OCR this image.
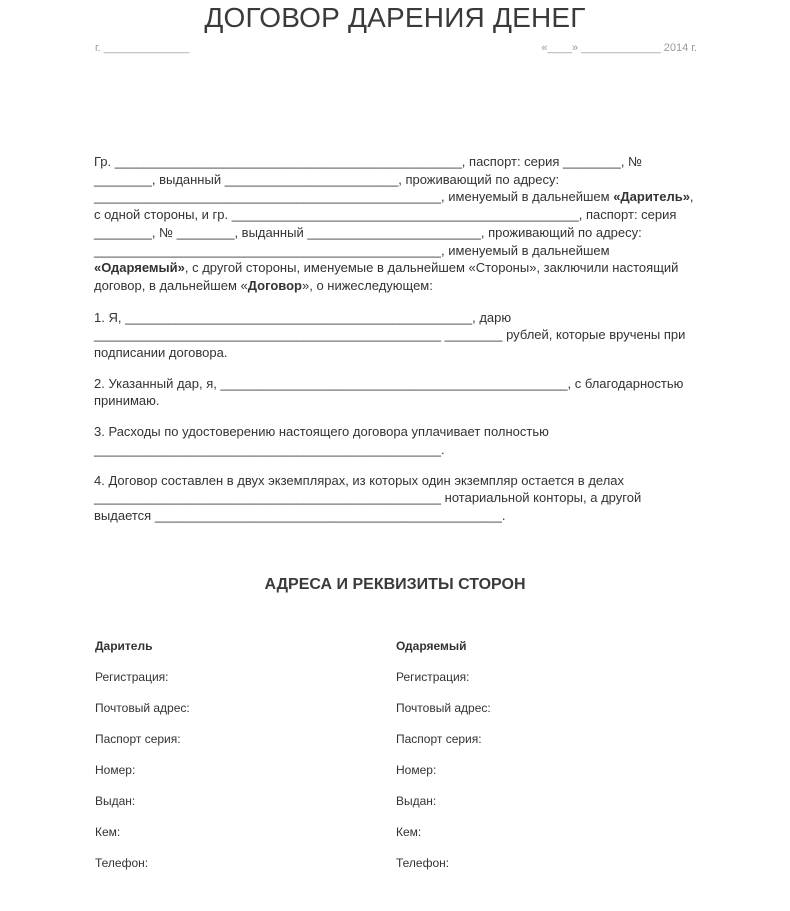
ДОГОВОР ДАРЕНИЯ ДЕНЕГ
г. ______________	«____» _____________ 2014 г.

Гр. ________________________________________________, паспорт: серия ________, № ________, выданный ________________________, проживающий по адресу: ________________________________________________, именуемый в дальнейшем «Даритель», с одной стороны, и гр. ________________________________________________, паспорт: серия ________, № ________, выданный ________________________, проживающий по адресу: ________________________________________________, именуемый в дальнейшем «Одаряемый», с другой стороны, именуемые в дальнейшем «Стороны», заключили настоящий договор, в дальнейшем «Договор», о нижеследующем:

1. Я, ________________________________________________, дарю ________________________________________________ ________ рублей, которые вручены при подписании договора.

2. Указанный дар, я, ________________________________________________, с благодарностью принимаю.

3. Расходы по удостоверению настоящего договора уплачивает полностью ________________________________________________.

4. Договор составлен в двух экземплярах, из которых один экземпляр остается в делах ________________________________________________ нотариальной конторы, а другой выдается ________________________________________________.

АДРЕСА И РЕКВИЗИТЫ СТОРОН
Даритель
Регистрация:
Почтовый адрес:
Паспорт серия:
Номер:
Выдан:
Кем:
Телефон:
Одаряемый
Регистрация:
Почтовый адрес:
Паспорт серия:
Номер:
Выдан:
Кем:
Телефон:
